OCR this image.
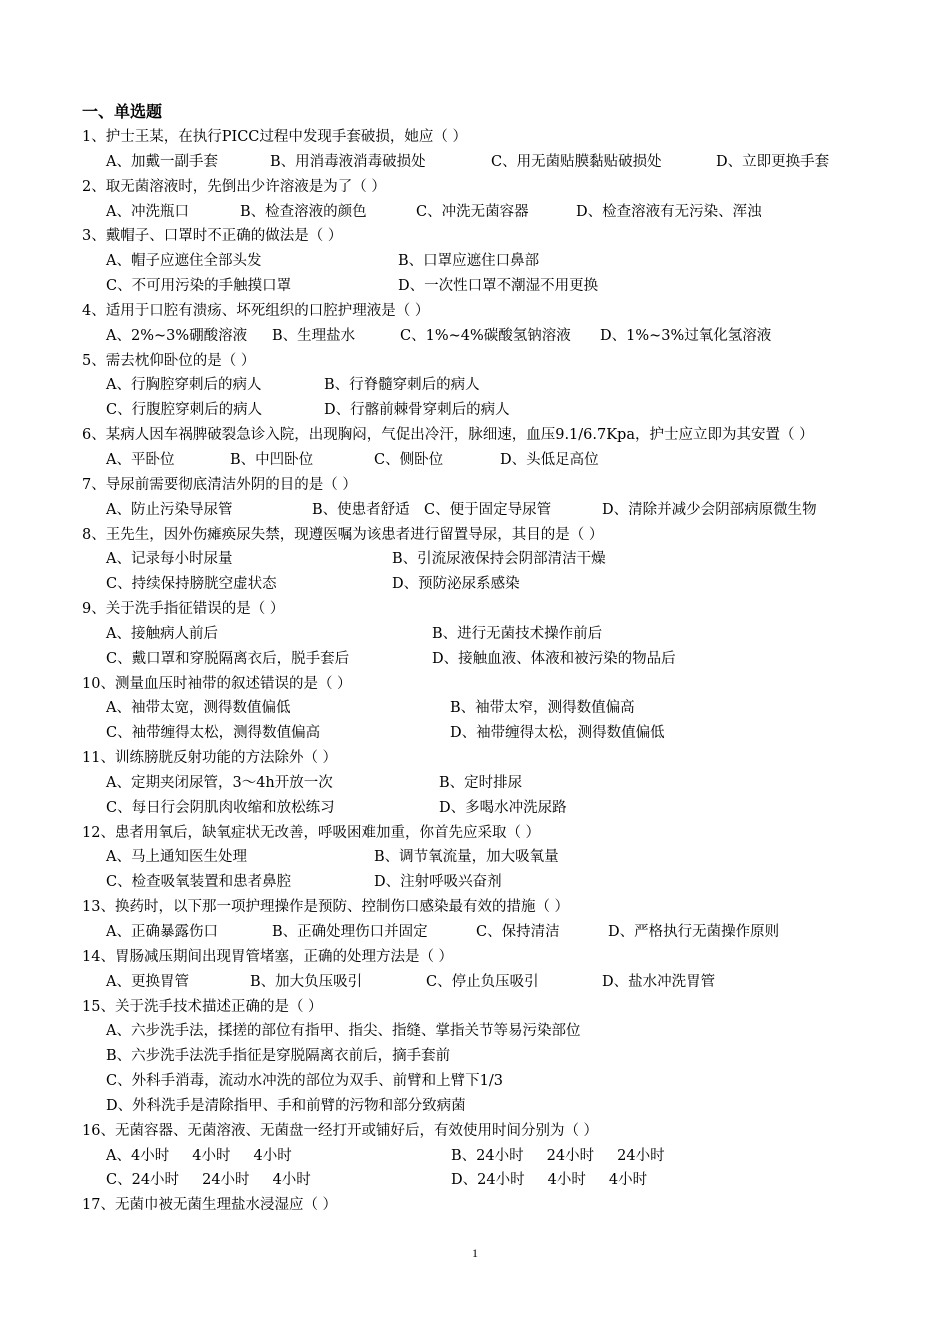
一、单选题
1、护士王某，在执行PICC过程中发现手套破损，她应（ ）
A、加戴一副手套	B、用消毒液消毒破损处	C、用无菌贴膜黏贴破损处	D、立即更换手套
2、取无菌溶液时，先倒出少许溶液是为了（ ）
A、冲洗瓶口	B、检查溶液的颜色	C、冲洗无菌容器	D、检查溶液有无污染、浑浊
3、戴帽子、口罩时不正确的做法是（ ）
A、帽子应遮住全部头发	B、口罩应遮住口鼻部
C、不可用污染的手触摸口罩	D、一次性口罩不潮湿不用更换
4、适用于口腔有溃疡、坏死组织的口腔护理液是（ ）
A、2%~3%硼酸溶液 B、生理盐水	C、1%~4%碳酸氢钠溶液 D、1%~3%过氧化氢溶液
5、需去枕仰卧位的是（ ）
A、行胸腔穿刺后的病人	B、行脊髓穿刺后的病人
C、行腹腔穿刺后的病人	D、行髂前棘骨穿刺后的病人
6、某病人因车祸脾破裂急诊入院，出现胸闷，气促出冷汗，脉细速，血压9.1/6.7Kpa，护士应立即为其安置（ ）
A、平卧位	B、中凹卧位	C、侧卧位	D、头低足高位
7、导尿前需要彻底清洁外阴的目的是（ ）
A、防止污染导尿管	B、使患者舒适 C、便于固定导尿管	D、清除并减少会阴部病原微生物
8、王先生，因外伤瘫痪尿失禁，现遵医嘱为该患者进行留置导尿，其目的是（ ）
A、记录每小时尿量	B、引流尿液保持会阴部清洁干燥
C、持续保持膀胱空虚状态	D、预防泌尿系感染
9、关于洗手指征错误的是（ ）
A、接触病人前后	B、进行无菌技术操作前后
C、戴口罩和穿脱隔离衣后，脱手套后	D、接触血液、体液和被污染的物品后
10、测量血压时袖带的叙述错误的是（ ）
A、袖带太宽，测得数值偏低	B、袖带太窄，测得数值偏高
C、袖带缠得太松，测得数值偏高	D、袖带缠得太松，测得数值偏低
11、训练膀胱反射功能的方法除外（ ）
A、定期夹闭尿管，3～4h开放一次	B、定时排尿
C、每日行会阴肌肉收缩和放松练习	D、多喝水冲洗尿路
12、患者用氧后，缺氧症状无改善，呼吸困难加重，你首先应采取（ ）
A、马上通知医生处理	B、调节氧流量，加大吸氧量
C、检查吸氧装置和患者鼻腔	D、注射呼吸兴奋剂
13、换药时，以下那一项护理操作是预防、控制伤口感染最有效的措施（ ）
A、正确暴露伤口	B、正确处理伤口并固定	C、保持清洁	D、严格执行无菌操作原则
14、胃肠减压期间出现胃管堵塞，正确的处理方法是（ ）
A、更换胃管	B、加大负压吸引	C、停止负压吸引	D、盐水冲洗胃管
15、关于洗手技术描述正确的是（ ）
A、六步洗手法，揉搓的部位有指甲、指尖、指缝、掌指关节等易污染部位
B、六步洗手法洗手指征是穿脱隔离衣前后，摘手套前
C、外科手消毒，流动水冲洗的部位为双手、前臂和上臂下1/3
D、外科洗手是清除指甲、手和前臂的污物和部分致病菌
16、无菌容器、无菌溶液、无菌盘一经打开或铺好后，有效使用时间分别为（ ）
A、4小时     4小时     4小时	B、24小时     24小时     24小时
C、24小时     24小时     4小时	D、24小时     4小时     4小时
17、无菌巾被无菌生理盐水浸湿应（ ）
1
